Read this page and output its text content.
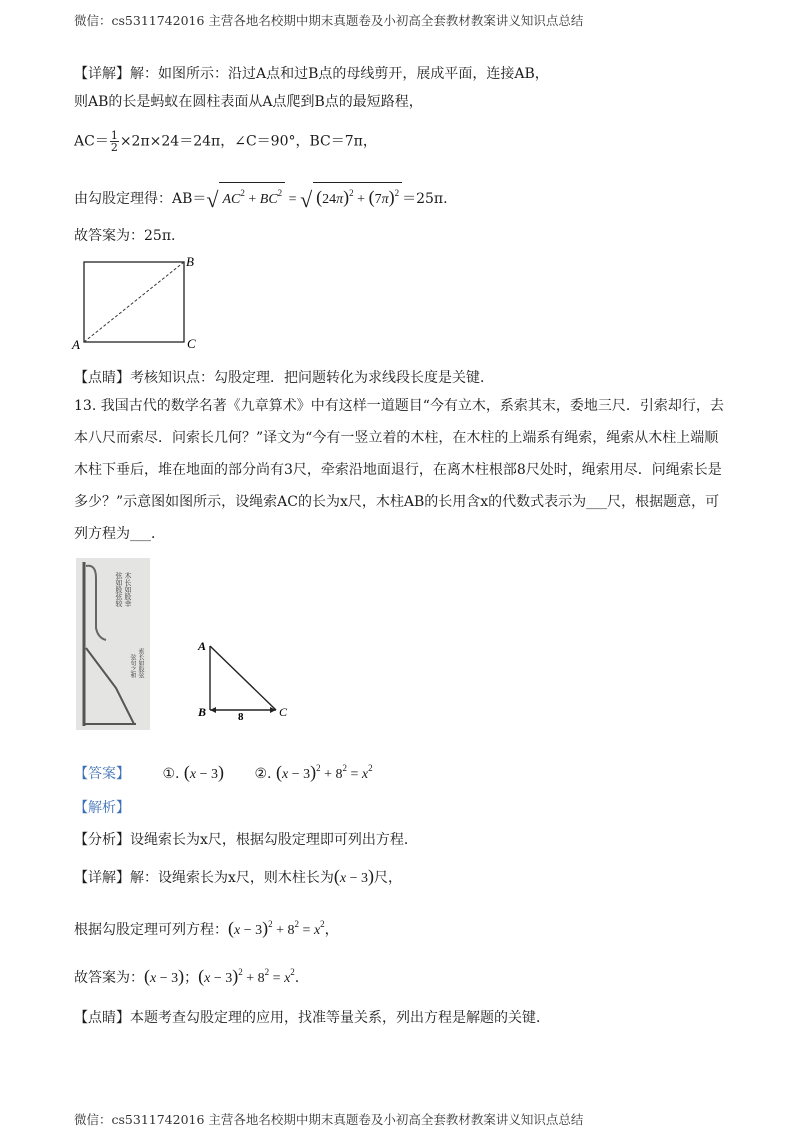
微信：cs5311742016 主营各地名校期中期末真题卷及小初高全套教材教案讲义知识点总结
【详解】解：如图所示：沿过A点和过B点的母线剪开，展成平面，连接AB，
则AB的长是蚂蚁在圆柱表面从A点爬到B点的最短路程，
$AC= \frac{1}{2} \times 2\pi\times 24=24\pi$，∠C＝90°，BC＝7π，
由勾股定理得：AB＝√ $AC^2 + BC^2$ = √ $(24\pi)^2 + (7\pi)^2 =25\pi$.
故答案为：25π.
B
A	C
【点睛】考核知识点：勾股定理．把问题转化为求线段长度是关键．
13. 我国古代的数学名著《九章算术》中有这样一道题目“今有立木，系索其末，委地三尺．引索却行，去本八尺而索尽．问索长几何？”译文为“今有一竖立着的木柱，在木柱的上端系有绳索，绳索从木柱上端顺木柱下垂后，堆在地面的部分尚有3尺，牵索沿地面退行，在离木柱根部8尺处时，绳索用尽．问绳索长是多少？”示意图如图所示，设绳索AC的长为x尺，木柱AB的长用含x的代数式表示为___尺，根据题意，可列方程为___．
木长如股幸
弦如股弦较
索长如股弦
弦句之和
A
B	C
8
【答案】 ①. (x − 3) ②. $(x - 3)^2 + 8^2 = x^2$
【解析】
【分析】设绳索长为x尺，根据勾股定理即可列出方程．
【详解】解：设绳索长为x尺，则木柱长为(x − 3)尺，
根据勾股定理可列方程：$(x - 3)^2 + 8^2 = x^2$，
故答案为：(x − 3)；$(x - 3)^2 + 8^2 = x^2$.
【点睛】本题考查勾股定理的应用，找准等量关系，列出方程是解题的关键．
微信：cs5311742016 主营各地名校期中期末真题卷及小初高全套教材教案讲义知识点总结
